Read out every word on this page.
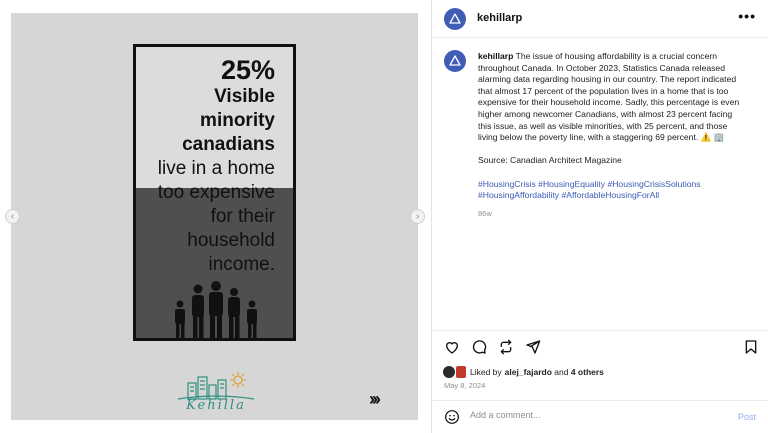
25%
Visible
minority
canadians
live in a home
too expensive
for their
household
income.
Kehilla	›››
‹	›
kehillarp	•••
kehillarp The issue of housing affordability is a crucial concern throughout Canada. In October 2023, Statistics Canada released alarming data regarding housing in our country. The report indicated that almost 17 percent of the population lives in a home that is too expensive for their household income. Sadly, this percentage is even higher among newcomer Canadians, with almost 23 percent facing this issue, as well as visible minorities, with 25 percent, and those living below the poverty line, with a staggering 69 percent. ⚠️ 🏢
Source: Canadian Architect Magazine
#HousingCrisis #HousingEquality #HousingCrisisSolutions #HousingAffordability #AffordableHousingForAll
86w
Liked by alej_fajardo and 4 others
May 8, 2024
Add a comment...
Post
